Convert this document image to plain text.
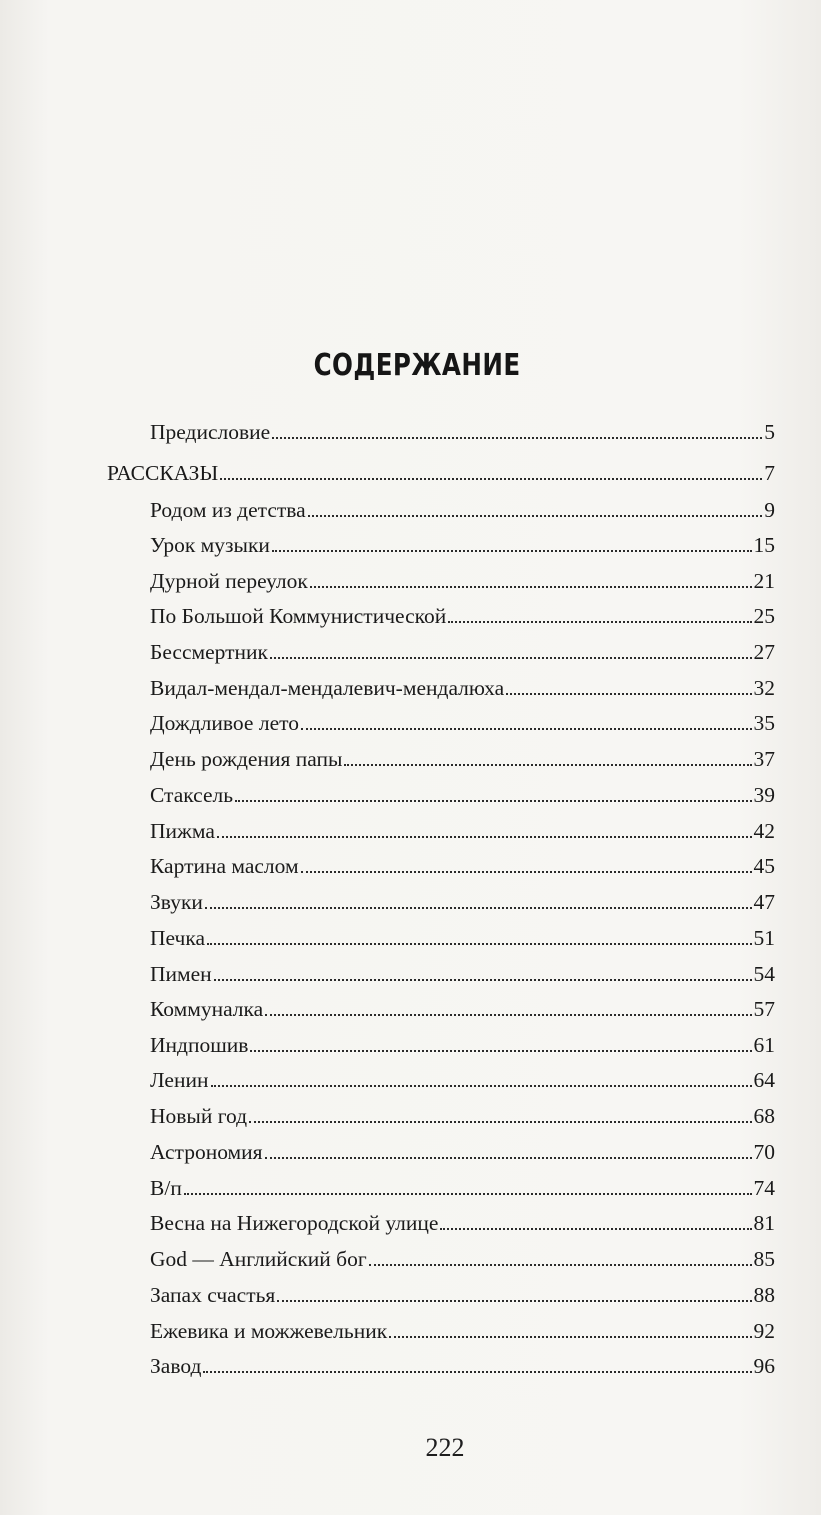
СОДЕРЖАНИЕ
Предисловие	5
РАССКАЗЫ	7
Родом из детства	9
Урок музыки	15
Дурной переулок	21
По Большой Коммунистической	25
Бессмертник	27
Видал-мендал-мендалевич-мендалюха	32
Дождливое лето	35
День рождения папы	37
Стаксель	39
Пижма	42
Картина маслом	45
Звуки	47
Печка	51
Пимен	54
Коммуналка	57
Индпошив	61
Ленин	64
Новый год	68
Астрономия	70
В/п	74
Весна на Нижегородской улице	81
God — Английский бог	85
Запах счастья	88
Ежевика и можжевельник	92
Завод	96
222
